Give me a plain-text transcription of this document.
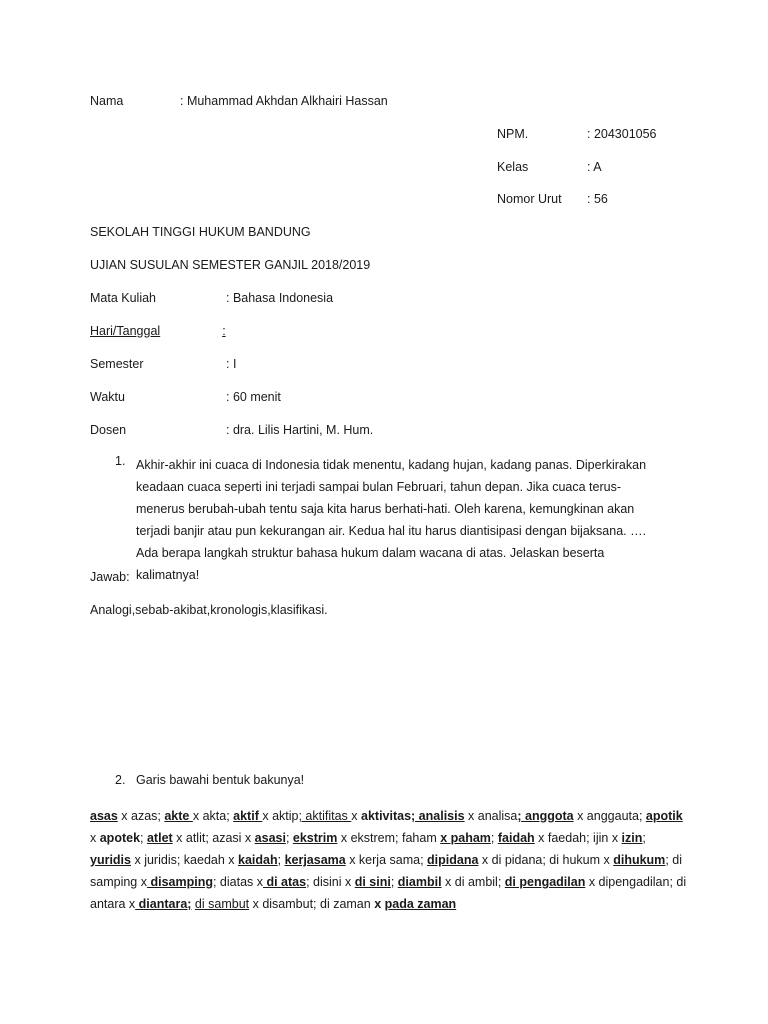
Nama	: Muhammad Akhdan Alkhairi Hassan
NPM.	: 204301056
Kelas	: A
Nomor Urut : 56
SEKOLAH TINGGI HUKUM BANDUNG
UJIAN SUSULAN SEMESTER GANJIL 2018/2019
Mata Kuliah	: Bahasa Indonesia
Hari/Tanggal	:
Semester	: I
Waktu	: 60 menit
Dosen	: dra. Lilis Hartini, M. Hum.
1. Akhir-akhir ini cuaca di Indonesia tidak menentu, kadang hujan, kadang panas. Diperkirakan keadaan cuaca seperti ini terjadi sampai bulan Februari, tahun depan. Jika cuaca terus-menerus berubah-ubah tentu saja kita harus berhati-hati. Oleh karena, kemungkinan akan terjadi banjir atau pun kekurangan air. Kedua hal itu harus diantisipasi dengan bijaksana. …. Ada berapa langkah struktur bahasa hukum dalam wacana di atas. Jelaskan beserta kalimatnya!
Jawab:
Analogi,sebab-akibat,kronologis,klasifikasi.
2. Garis bawahi bentuk bakunya!
asas x azas; akte x akta; aktif x aktip; aktifitas x aktivitas; analisis x analisa; anggota x anggauta; apotik x apotek; atlet x atlit; azasi x asasi; ekstrim x ekstrem; faham x paham; faidah x faedah; ijin x izin; yuridis x juridis; kaedah x kaidah; kerjasama x kerja sama; dipidana x di pidana; di hukum x dihukum; di samping x disamping; diatas x di atas; disini x di sini; diambil x di ambil; di pengadilan x dipengadilan; di antara x diantara; di sambut x disambut; di zaman x pada zaman
